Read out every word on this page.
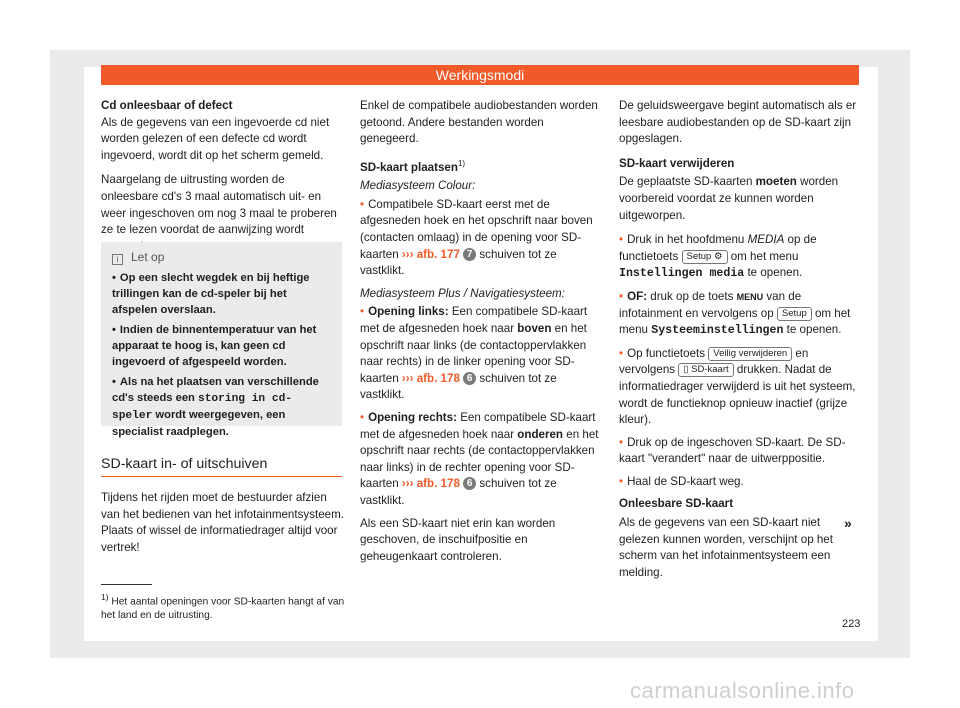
Werkingsmodi

Cd onleesbaar of defect

Als de gegevens van een ingevoerde cd niet worden gelezen of een defecte cd wordt ingevoerd, wordt dit op het scherm gemeld.

Naargelang de uitrusting worden de onleesbare cd's 3 maal automatisch uit- en weer ingeschoven om nog 3 maal te proberen ze te lezen voordat de aanwijzing wordt

i Let op

• Op een slecht wegdek en bij heftige trillingen kan de cd-speler bij het afspelen overslaan.

• Indien de binnentemperatuur van het apparaat te hoog is, kan geen cd ingevoerd of afgespeeld worden.

• Als na het plaatsen van verschillende cd's steeds een storing in cd- speler wordt weergegeven, een specialist raadplegen.

SD-kaart in- of uitschuiven
Tijdens het rijden moet de bestuurder afzien van het bedienen van het infotainmentsysteem. Plaats of wissel de informatiedrager altijd voor vertrek!
$^{1)}$ Het aantal openingen voor SD-kaarten hangt af van het land en de uitrusting.

Enkel de compatibele audiobestanden worden getoond. Andere bestanden worden genegeerd.

SD-kaart plaatsen$^{1)}$

Mediasysteem Colour:

• Compatibele SD-kaart eerst met de afgesneden hoek en het opschrift naar boven (contacten omlaag) in de opening voor SD-kaarten ››› afb. 177 7 schuiven tot ze vastklikt.

Mediasysteem Plus / Navigatiesysteem:

• Opening links: Een compatibele SD-kaart met de afgesneden hoek naar boven en het opschrift naar links (de contactoppervlakken naar rechts) in de linker opening voor SD-kaarten ››› afb. 178 6 schuiven tot ze vastklikt.

• Opening rechts: Een compatibele SD-kaart met de afgesneden hoek naar onderen en het opschrift naar rechts (de contactoppervlakken naar links) in de rechter opening voor SD-kaarten ››› afb. 178 6 schuiven tot ze vastklikt.

Als een SD-kaart niet erin kan worden geschoven, de inschuifpositie en geheugenkaart controleren.

De geluidsweergave begint automatisch als er leesbare audiobestanden op de SD-kaart zijn opgeslagen.

SD-kaart verwijderen

De geplaatste SD-kaarten moeten worden voorbereid voordat ze kunnen worden uitgeworpen.

• Druk in het hoofdmenu MEDIA op de functietoets Setup ⚙ om het menu Instellingen media te openen.

• OF: druk op de toets MENU van de infotainment en vervolgens op Setup om het menu Systeeminstellingen te openen.

• Op functietoets Veilig verwijderen en vervolgens ▯ SD-kaart drukken. Nadat de informatiedrager verwijderd is uit het systeem, wordt de functieknop opnieuw inactief (grijze kleur).

• Druk op de ingeschoven SD-kaart. De SD-kaart "verandert" naar de uitwerppositie.

• Haal de SD-kaart weg.

Onleesbare SD-kaart

Als de gegevens van een SD-kaart niet gelezen kunnen worden, verschijnt op het scherm van het infotainmentsysteem een melding.

»
223
carmanualsonline.info
